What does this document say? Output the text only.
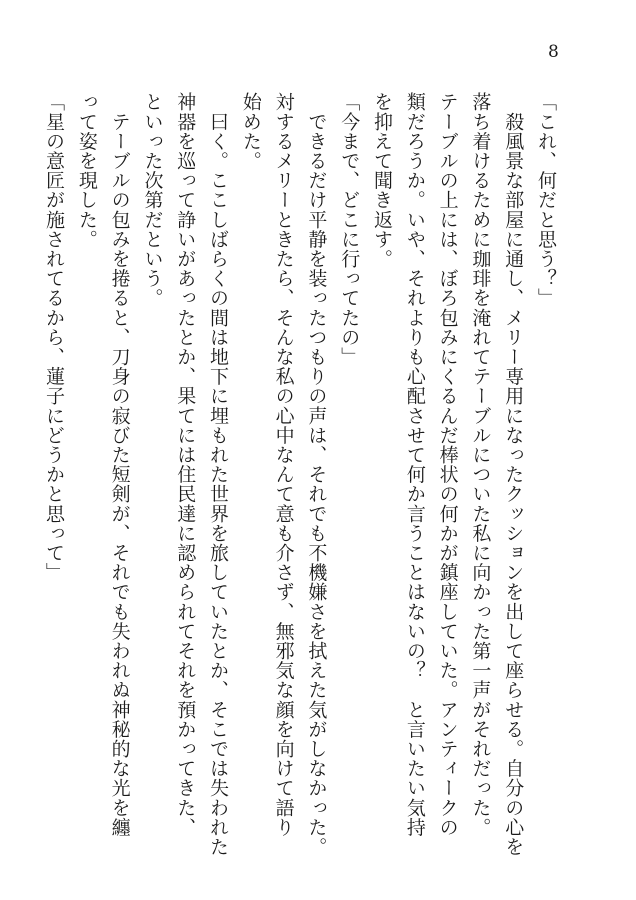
8

「これ、何だと思う？」

　殺風景な部屋に通し、メリー専用になったクッションを出して座らせる。自分の心を

落ち着けるために珈琲を淹れてテーブルについた私に向かった第一声がそれだった。

テーブルの上には、ぼろ包みにくるんだ棒状の何かが鎮座していた。アンティークの

類だろうか。いや、それよりも心配させて何か言うことはないの？　と言いたい気持

を抑えて聞き返す。

「今まで、どこに行ってたの」

　できるだけ平静を装ったつもりの声は、それでも不機嫌さを拭えた気がしなかった。

対するメリーときたら、そんな私の心中なんて意も介さず、無邪気な顔を向けて語り

始めた。

　曰く。ここしばらくの間は地下に埋もれた世界を旅していたとか、そこでは失われた

神器を巡って諍いがあったとか、果てには住民達に認められてそれを預かってきた、

といった次第だという。

　テーブルの包みを捲ると、刀身の寂びた短剣が、それでも失われぬ神秘的な光を纏

って姿を現した。

「星の意匠が施されてるから、蓮子にどうかと思って」
